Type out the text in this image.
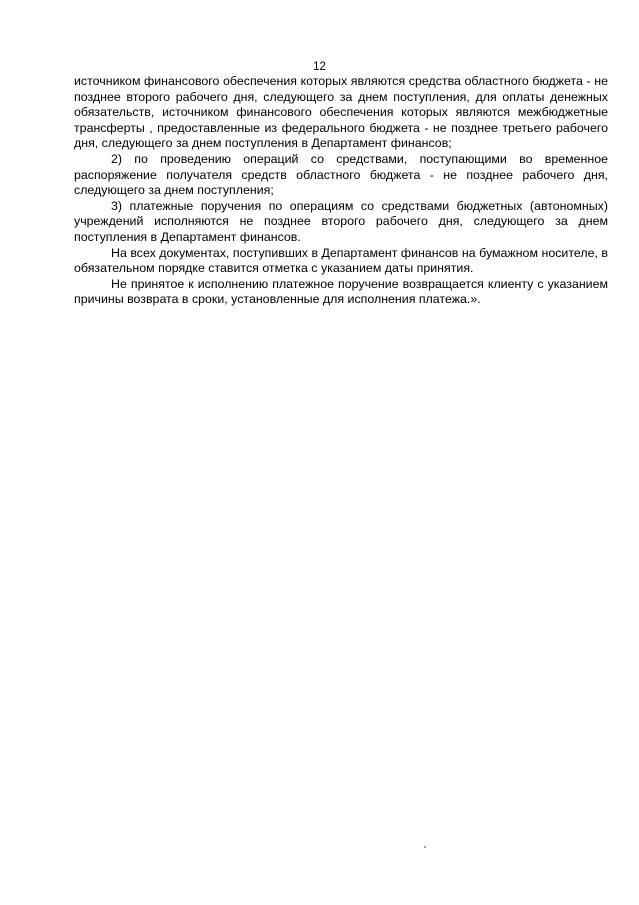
12

источником финансового обеспечения которых являются средства областного бюджета - не позднее второго рабочего дня, следующего за днем поступления, для оплаты денежных обязательств, источником финансового обеспечения которых являются межбюджетные трансферты , предоставленные из федерального бюджета - не позднее третьего рабочего дня, следующего за днем поступления в Департамент финансов;

2) по проведению операций со средствами, поступающими во временное распоряжение получателя средств областного бюджета - не позднее рабочего дня, следующего за днем поступления;

3) платежные поручения по операциям со средствами бюджетных (автономных) учреждений исполняются не позднее второго рабочего дня, следующего за днем поступления в Департамент финансов.

На всех документах, поступивших в Департамент финансов на бумажном носителе, в обязательном порядке ставится отметка с указанием даты принятия.

Не принятое к исполнению платежное поручение возвращается клиенту с указанием причины возврата в сроки, установленные для исполнения платежа.».
